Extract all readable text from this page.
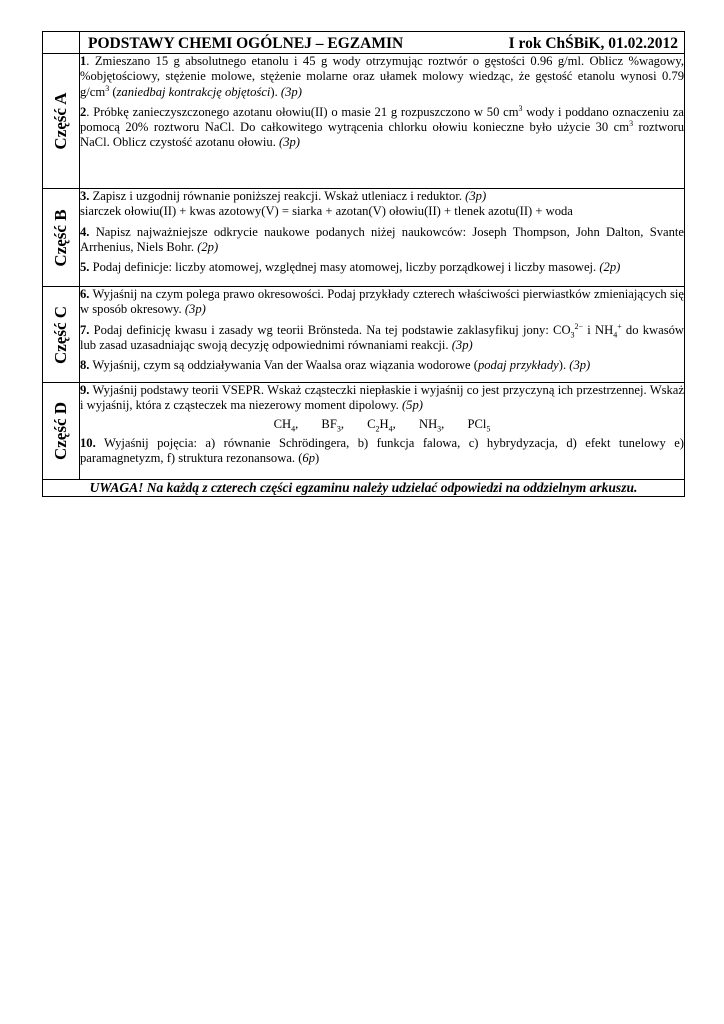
	PODSTAWY CHEMI OGÓLNEJ – EGZAMIN I rok ChŚBiK, 01.02.2012

Część A	1. Zmieszano 15 g absolutnego etanolu i 45 g wody otrzymując roztwór o gęstości 0.96 g/ml. Oblicz %wagowy, %objętościowy, stężenie molowe, stężenie molarne oraz ułamek molowy wiedząc, że gęstość etanolu wynosi 0.79 $g/cm^3$ (zaniedbaj kontrakcję objętości). (3p)

2. Próbkę zanieczyszczonego azotanu ołowiu(II) o masie 21 g rozpuszczono w 50 $cm^3$ wody i poddano oznaczeniu za pomocą 20% roztworu NaCl. Do całkowitego wytrącenia chlorku ołowiu konieczne było użycie 30 $cm^3$ roztworu NaCl. Oblicz czystość azotanu ołowiu. (3p)

Część B	3. Zapisz i uzgodnij równanie poniższej reakcji. Wskaż utleniacz i reduktor. (3p)

siarczek ołowiu(II) + kwas azotowy(V) = siarka + azotan(V) ołowiu(II) + tlenek azotu(II) + woda

4. Napisz najważniejsze odkrycie naukowe podanych niżej naukowców: Joseph Thompson, John Dalton, Svante Arrhenius, Niels Bohr. (2p)

5. Podaj definicje: liczby atomowej, względnej masy atomowej, liczby porządkowej i liczby masowej. (2p)

Część C	6. Wyjaśnij na czym polega prawo okresowości. Podaj przykłady czterech właściwości pierwiastków zmieniających się w sposób okresowy. (3p)

7. Podaj definicję kwasu i zasady wg teorii Brönsteda. Na tej podstawie zaklasyfikuj jony: $CO_3^{2-}$ i $NH_4^+$ do kwasów lub zasad uzasadniając swoją decyzję odpowiednimi równaniami reakcji. (3p)

8. Wyjaśnij, czym są oddziaływania Van der Waalsa oraz wiązania wodorowe (podaj przykłady). (3p)

Część D	9. Wyjaśnij podstawy teorii VSEPR. Wskaż cząsteczki niepłaskie i wyjaśnij co jest przyczyną ich przestrzennej. Wskaż i wyjaśnij, która z cząsteczek ma niezerowy moment dipolowy. (5p)

$CH_4$, $BF_3$, $C_2H_4$, $NH_3$, PCl$_5$

10. Wyjaśnij pojęcia: a) równanie Schrödingera, b) funkcja falowa, c) hybrydyzacja, d) efekt tunelowy e) paramagnetyzm, f) struktura rezonansowa. (6p)

UWAGA! Na każdą z czterech części egzaminu należy udzielać odpowiedzi na oddzielnym arkuszu.	
